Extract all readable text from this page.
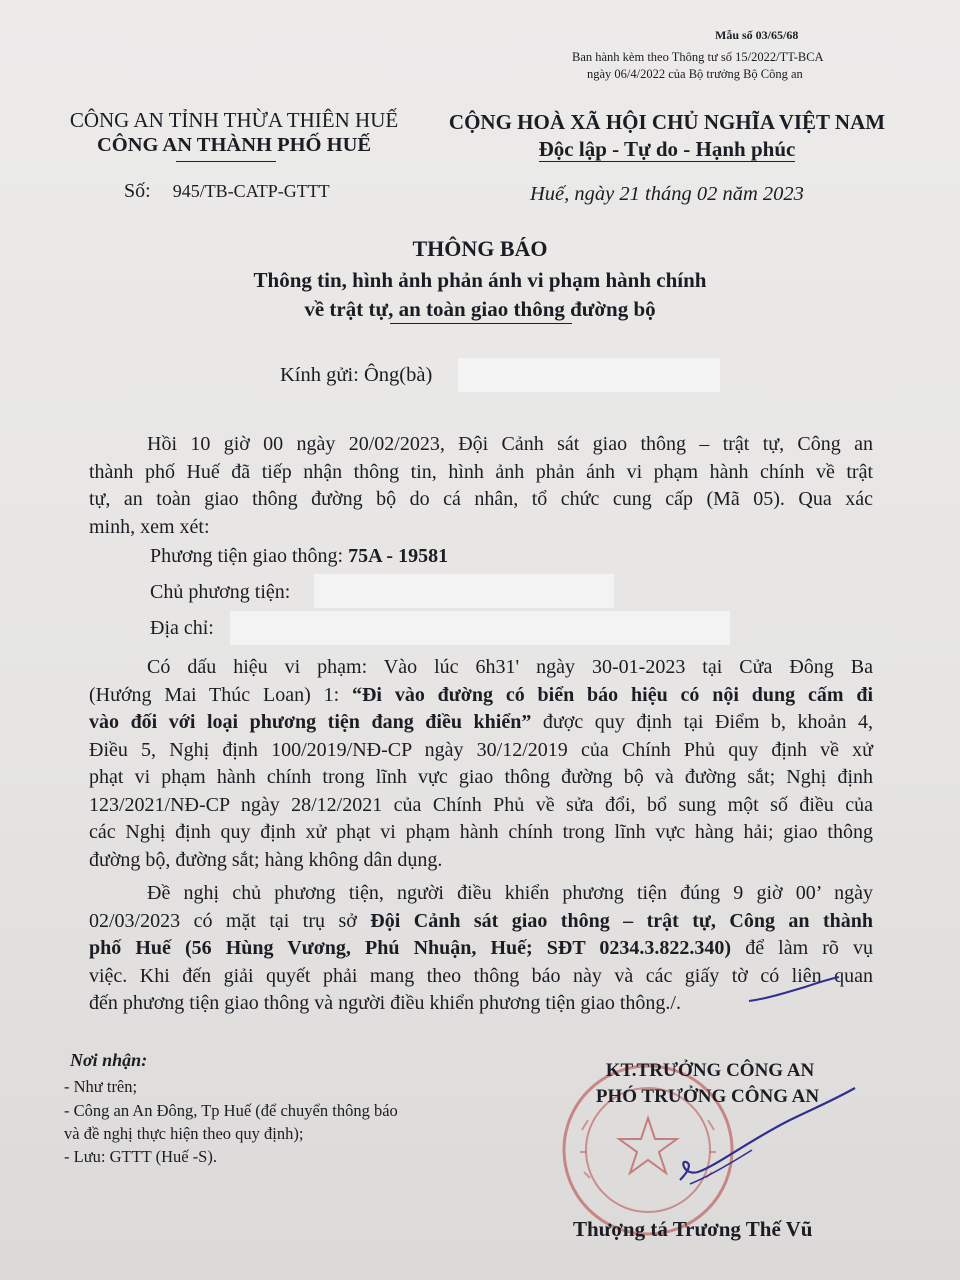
Mẫu số 03/65/68
Ban hành kèm theo Thông tư số 15/2022/TT-BCA
ngày 06/4/2022 của Bộ trưởng Bộ Công an
CÔNG AN TỈNH THỪA THIÊN HUẾ
CÔNG AN THÀNH PHỐ HUẾ
Số: 945/TB-CATP-GTTT
CỘNG HOÀ XÃ HỘI CHỦ NGHĨA VIỆT NAM
Độc lập - Tự do - Hạnh phúc
Huế, ngày 21 tháng 02 năm 2023
THÔNG BÁO
Thông tin, hình ảnh phản ánh vi phạm hành chính
về trật tự, an toàn giao thông đường bộ
Kính gửi: Ông(bà)
Hồi 10 giờ 00 ngày 20/02/2023, Đội Cảnh sát giao thông – trật tự, Công an
thành phố Huế đã tiếp nhận thông tin, hình ảnh phản ánh vi phạm hành chính về trật
tự, an toàn giao thông đường bộ do cá nhân, tổ chức cung cấp (Mã 05). Qua xác
minh, xem xét:
Phương tiện giao thông: 75A - 19581
Chủ phương tiện:
Địa chỉ:
Có dấu hiệu vi phạm: Vào lúc 6h31' ngày 30-01-2023 tại Cửa Đông Ba
(Hướng Mai Thúc Loan) 1: “Đi vào đường có biển báo hiệu có nội dung cấm đi
vào đối với loại phương tiện đang điều khiển” được quy định tại Điểm b, khoản 4,
Điều 5, Nghị định 100/2019/NĐ-CP ngày 30/12/2019 của Chính Phủ quy định về xử
phạt vi phạm hành chính trong lĩnh vực giao thông đường bộ và đường sắt; Nghị định
123/2021/NĐ-CP ngày 28/12/2021 của Chính Phủ về sửa đổi, bổ sung một số điều của
các Nghị định quy định xử phạt vi phạm hành chính trong lĩnh vực hàng hải; giao thông
đường bộ, đường sắt; hàng không dân dụng.
Đề nghị chủ phương tiện, người điều khiển phương tiện đúng 9 giờ 00’ ngày
02/03/2023 có mặt tại trụ sở Đội Cảnh sát giao thông – trật tự, Công an thành
phố Huế (56 Hùng Vương, Phú Nhuận, Huế; SĐT 0234.3.822.340) để làm rõ vụ
việc. Khi đến giải quyết phải mang theo thông báo này và các giấy tờ có liên quan
đến phương tiện giao thông và người điều khiển phương tiện giao thông./.
Nơi nhận:
- Như trên;
- Công an An Đông, Tp Huế (để chuyển thông báo
và đề nghị thực hiện theo quy định);
- Lưu: GTTT (Huế -S).
KT.TRƯỞNG CÔNG AN
PHÓ TRƯỞNG CÔNG AN
Thượng tá Trương Thế Vũ
